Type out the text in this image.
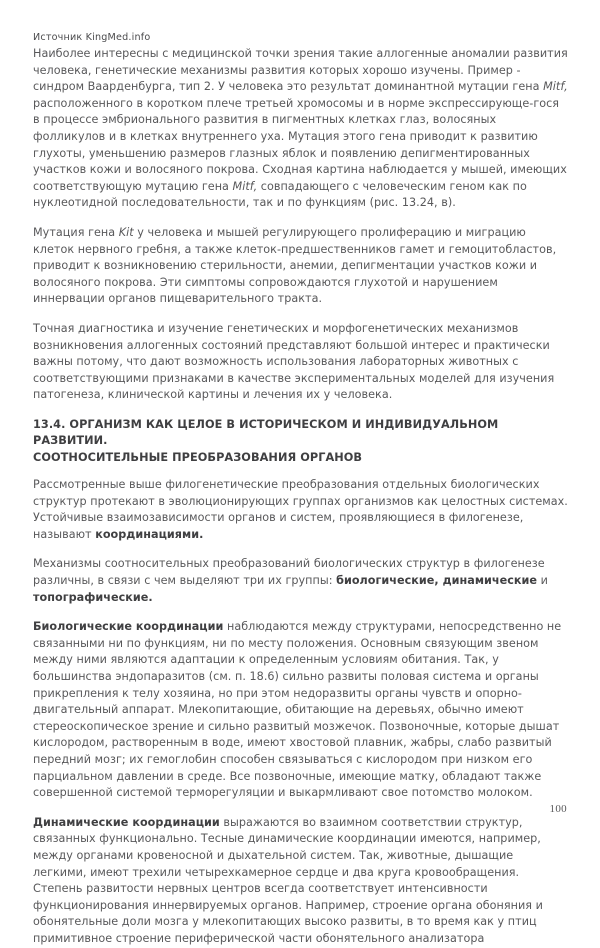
Источник KingMed.info

Наиболее интересны с медицинской точки зрения такие аллогенные аномалии развития человека, генетические механизмы развития которых хорошо изучены. Пример - синдром Ваарденбурга, тип 2. У человека это результат доминантной мутации гена Mitf, расположенного в коротком плече третьей хромосомы и в норме экспрессирующе-гося в процессе эмбрионального развития в пигментных клетках глаз, волосяных фолликулов и в клетках внутреннего уха. Мутация этого гена приводит к развитию глухоты, уменьшению размеров глазных яблок и появлению депигментированных участков кожи и волосяного покрова. Сходная картина наблюдается у мышей, имеющих соответствующую мутацию гена Mitf, совпадающего с человеческим геном как по нуклеотидной последовательности, так и по функциям (рис. 13.24, в).

Мутация гена Kit у человека и мышей регулирующего пролиферацию и миграцию клеток нервного гребня, а также клеток-предшественников гамет и гемоцитобластов, приводит к возникновению стерильности, анемии, депигментации участков кожи и волосяного покрова. Эти симптомы сопровождаются глухотой и нарушением иннервации органов пищеварительного тракта.

Точная диагностика и изучение генетических и морфогенетических механизмов возникновения аллогенных состояний представляют большой интерес и практически важны потому, что дают возможность использования лабораторных животных с соответствующими признаками в качестве экспериментальных моделей для изучения патогенеза, клинической картины и лечения их у человека.

13.4. ОРГАНИЗМ КАК ЦЕЛОЕ В ИСТОРИЧЕСКОМ И ИНДИВИДУАЛЬНОМ РАЗВИТИИ.
СООТНОСИТЕЛЬНЫЕ ПРЕОБРАЗОВАНИЯ ОРГАНОВ

Рассмотренные выше филогенетические преобразования отдельных биологических структур протекают в эволюционирующих группах организмов как целостных системах. Устойчивые взаимозависимости органов и систем, проявляющиеся в филогенезе,

называют координациями.

Механизмы соотносительных преобразований биологических структур в филогенезе различны, в связи с чем выделяют три их группы: биологические, динамические и топографические.

Биологические координации наблюдаются между структурами, непосредственно не связанными ни по функциям, ни по месту положения. Основным связующим звеном между ними являются адаптации к определенным условиям обитания. Так, у большинства эндопаразитов (см. п. 18.6) сильно развиты половая система и органы прикрепления к телу хозяина, но при этом недоразвиты органы чувств и опорно-двигательный аппарат. Млекопитающие, обитающие на деревьях, обычно имеют стереоскопическое зрение и сильно развитый мозжечок. Позвоночные, которые дышат кислородом, растворенным в воде, имеют хвостовой плавник, жабры, слабо развитый передний мозг; их гемоглобин способен связываться с кислородом при низком его парциальном давлении в среде. Все позвоночные, имеющие матку, обладают также совершенной системой терморегуляции и выкармливают свое потомство молоком.

Динамические координации выражаются во взаимном соответствии структур, связанных функционально. Тесные динамические координации имеются, например, между органами кровеносной и дыхательной систем. Так, животные, дышащие легкими, имеют трехили четырехкамерное сердце и два круга кровообращения. Степень развитости нервных центров всегда соответствует интенсивности функционирования иннервируемых органов. Например, строение органа обоняния и обонятельные доли мозга у млекопитающих высоко развиты, в то время как у птиц примитивное строение периферической части обонятельного анализатора

100
